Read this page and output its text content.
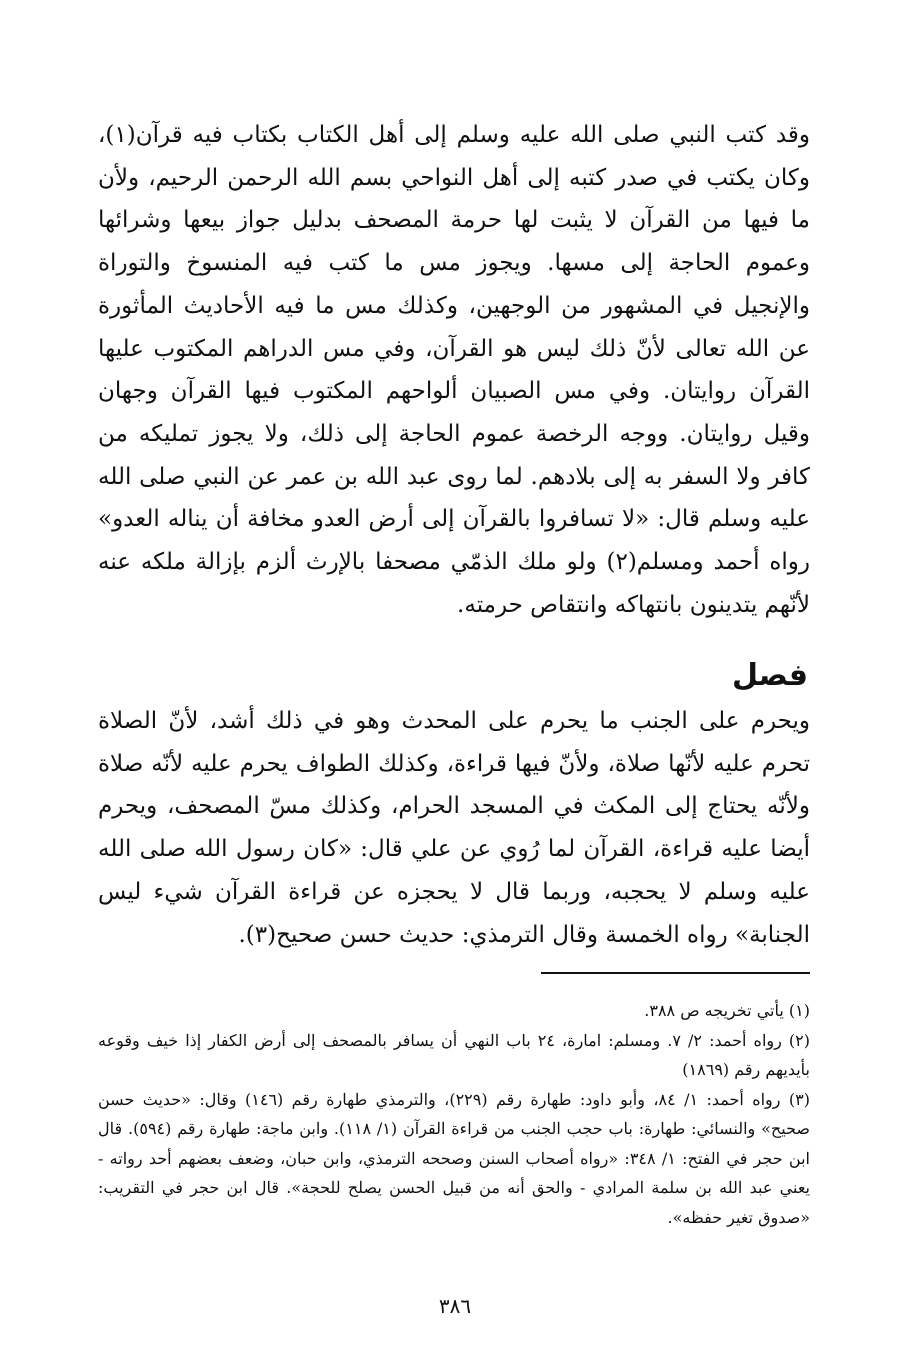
وقد كتب النبي صلى الله عليه وسلم إلى أهل الكتاب بكتاب فيه قرآن(١)، وكان يكتب في صدر كتبه إلى أهل النواحي بسم الله الرحمن الرحيم، ولأن ما فيها من القرآن لا يثبت لها حرمة المصحف بدليل جواز بيعها وشرائها وعموم الحاجة إلى مسها. ويجوز مس ما كتب فيه المنسوخ والتوراة والإنجيل في المشهور من الوجهين، وكذلك مس ما فيه الأحاديث المأثورة عن الله تعالى لأنّ ذلك ليس هو القرآن، وفي مس الدراهم المكتوب عليها القرآن روايتان. وفي مس الصبيان ألواحهم المكتوب فيها القرآن وجهان وقيل روايتان. ووجه الرخصة عموم الحاجة إلى ذلك، ولا يجوز تمليكه من كافر ولا السفر به إلى بلادهم. لما روى عبد الله بن عمر عن النبي صلى الله عليه وسلم قال: «لا تسافروا بالقرآن إلى أرض العدو مخافة أن يناله العدو» رواه أحمد ومسلم(٢) ولو ملك الذمّي مصحفا بالإرث ألزم بإزالة ملكه عنه لأنّهم يتدينون بانتهاكه وانتقاص حرمته.

فصل

ويحرم على الجنب ما يحرم على المحدث وهو في ذلك أشد، لأنّ الصلاة تحرم عليه لأنّها صلاة، ولأنّ فيها قراءة، وكذلك الطواف يحرم عليه لأنّه صلاة ولأنّه يحتاج إلى المكث في المسجد الحرام، وكذلك مسّ المصحف، ويحرم أيضا عليه قراءة، القرآن لما رُوي عن علي قال: «كان رسول الله صلى الله عليه وسلم لا يحجبه، وربما قال لا يحجزه عن قراءة القرآن شيء ليس الجنابة» رواه الخمسة وقال الترمذي: حديث حسن صحيح(٣).

(١) يأتي تخريجه ص ٣٨٨.
(٢) رواه أحمد: ٢/ ٧. ومسلم: امارة، ٢٤ باب النهي أن يسافر بالمصحف إلى أرض الكفار إذا خيف وقوعه بأيديهم رقم (١٨٦٩)
(٣) رواه أحمد: ١/ ٨٤، وأبو داود: طهارة رقم (٢٢٩)، والترمذي طهارة رقم (١٤٦) وقال: «حديث حسن صحيح» والنسائي: طهارة: باب حجب الجنب من قراءة القرآن (١/ ١١٨). وابن ماجة: طهارة رقم (٥٩٤). قال ابن حجر في الفتح: ١/ ٣٤٨: «رواه أصحاب السنن وصححه الترمذي، وابن حبان، وضعف بعضهم أحد رواته - يعني عبد الله بن سلمة المرادي - والحق أنه من قبيل الحسن يصلح للحجة». قال ابن حجر في التقريب: «صدوق تغير حفظه».
٣٨٦
